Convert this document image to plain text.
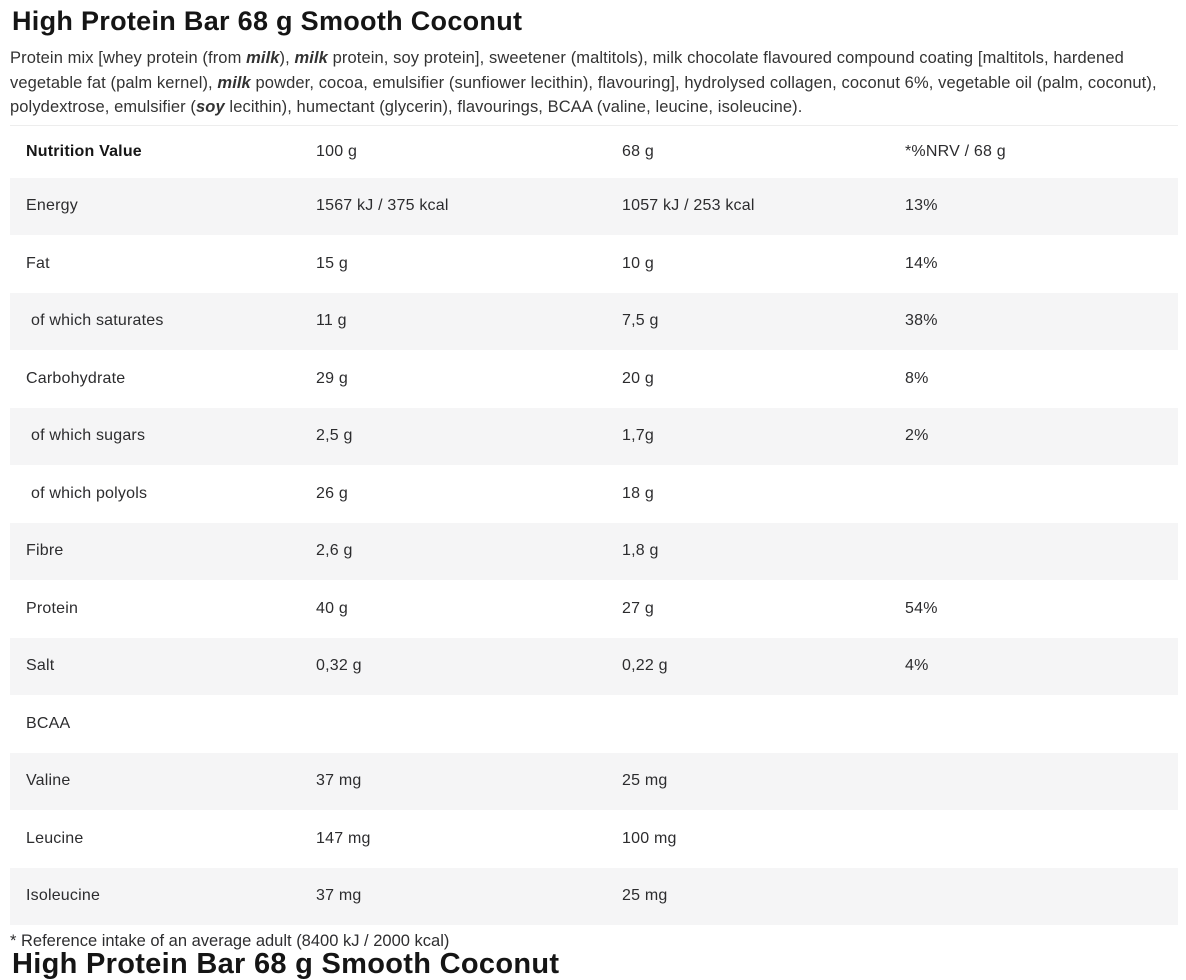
High Protein Bar 68 g Smooth Coconut

Protein mix [whey protein (from milk), milk protein, soy protein], sweetener (maltitols), milk chocolate flavoured compound coating [maltitols, hardened vegetable fat (palm kernel), milk powder, cocoa, emulsifier (sunfiower lecithin), flavouring], hydrolysed collagen, coconut 6%, vegetable oil (palm, coconut), polydextrose, emulsifier (soy lecithin), humectant (glycerin), flavourings, BCAA (valine, leucine, isoleucine).

Nutrition Value	100 g	68 g	*%NRV / 68 g
Energy	1567 kJ / 375 kcal	1057 kJ / 253 kcal	13%
Fat	15 g	10 g	14%
of which saturates	11 g	7,5 g	38%
Carbohydrate	29 g	20 g	8%
of which sugars	2,5 g	1,7g	2%
of which polyols	26 g	18 g
Fibre	2,6 g	1,8 g
Protein	40 g	27 g	54%
Salt	0,32 g	0,22 g	4%
BCAA
Valine	37 mg	25 mg
Leucine	147 mg	100 mg
Isoleucine	37 mg	25 mg

* Reference intake of an average adult (8400 kJ / 2000 kcal)

High Protein Bar 68 g Smooth Coconut
